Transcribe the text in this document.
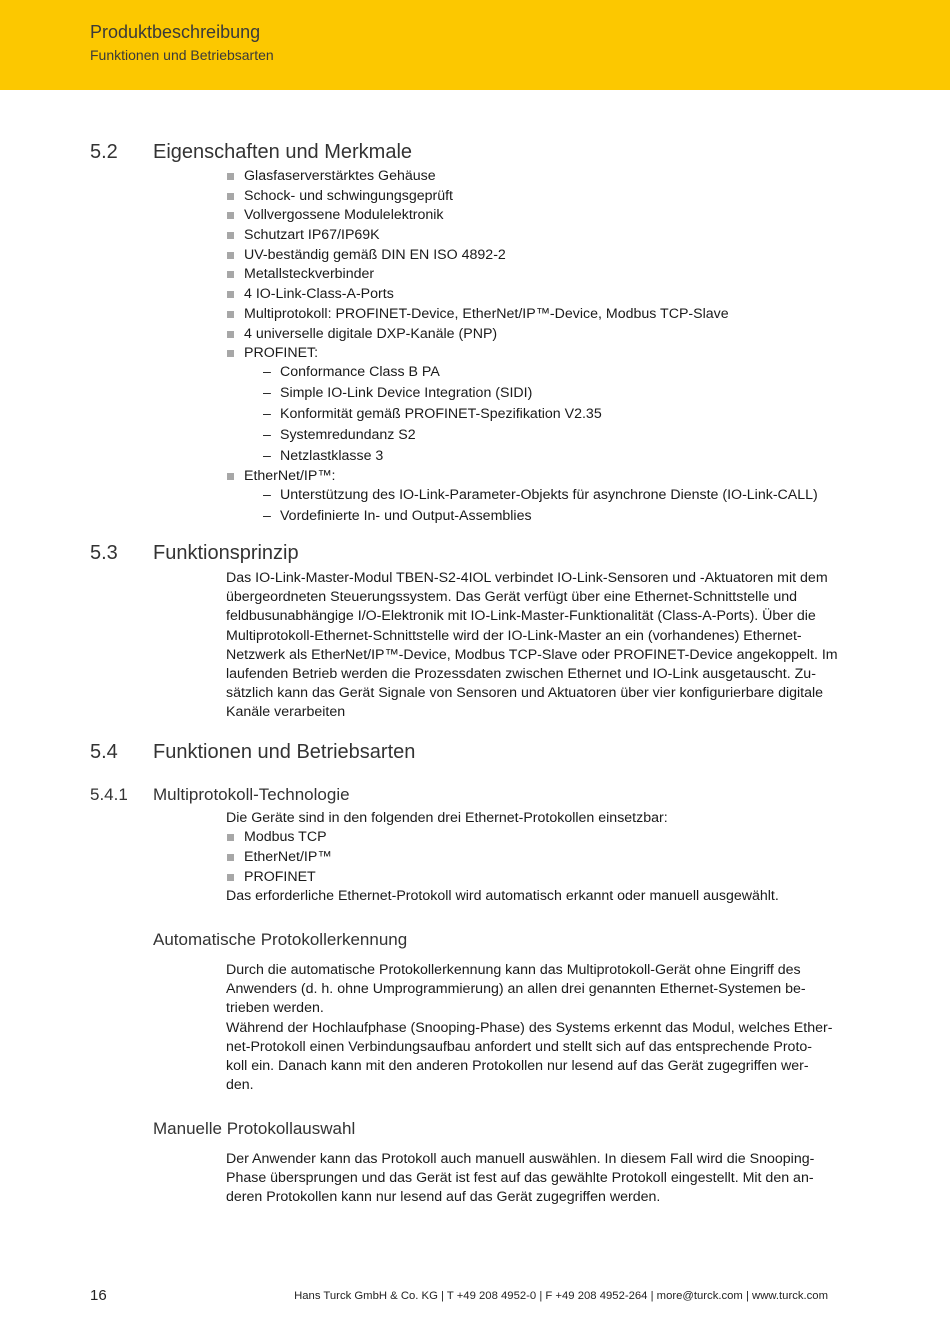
Produktbeschreibung
Funktionen und Betriebsarten
5.2 Eigenschaften und Merkmale
Glasfaserverstärktes Gehäuse
Schock- und schwingungsgeprüft
Vollvergossene Modulelektronik
Schutzart IP67/IP69K
UV-beständig gemäß DIN EN ISO 4892-2
Metallsteckverbinder
4 IO-Link-Class-A-Ports
Multiprotokoll: PROFINET-Device, EtherNet/IP™-Device, Modbus TCP-Slave
4 universelle digitale DXP-Kanäle (PNP)
PROFINET:
– Conformance Class B PA
– Simple IO-Link Device Integration (SIDI)
– Konformität gemäß PROFINET-Spezifikation V2.35
– Systemredundanz S2
– Netzlastklasse 3
EtherNet/IP™:
– Unterstützung des IO-Link-Parameter-Objekts für asynchrone Dienste (IO-Link-CALL)
– Vordefinierte In- und Output-Assemblies
5.3 Funktionsprinzip
Das IO-Link-Master-Modul TBEN-S2-4IOL verbindet IO-Link-Sensoren und -Aktuatoren mit dem
übergeordneten Steuerungssystem. Das Gerät verfügt über eine Ethernet-Schnittstelle und
feldbusunabhängige I/O-Elektronik mit IO-Link-Master-Funktionalität (Class-A-Ports). Über die
Multiprotokoll-Ethernet-Schnittstelle wird der IO-Link-Master an ein (vorhandenes) Ethernet-
Netzwerk als EtherNet/IP™-Device, Modbus TCP-Slave oder PROFINET-Device angekoppelt. Im
laufenden Betrieb werden die Prozessdaten zwischen Ethernet und IO-Link ausgetauscht. Zu-
sätzlich kann das Gerät Signale von Sensoren und Aktuatoren über vier konfigurierbare digitale
Kanäle verarbeiten
5.4 Funktionen und Betriebsarten
5.4.1 Multiprotokoll-Technologie
Die Geräte sind in den folgenden drei Ethernet-Protokollen einsetzbar:
Modbus TCP
EtherNet/IP™
PROFINET
Das erforderliche Ethernet-Protokoll wird automatisch erkannt oder manuell ausgewählt.
Automatische Protokollerkennung
Durch die automatische Protokollerkennung kann das Multiprotokoll-Gerät ohne Eingriff des
Anwenders (d. h. ohne Umprogrammierung) an allen drei genannten Ethernet-Systemen be-
trieben werden.
Während der Hochlaufphase (Snooping-Phase) des Systems erkennt das Modul, welches Ether-
net-Protokoll einen Verbindungsaufbau anfordert und stellt sich auf das entsprechende Proto-
koll ein. Danach kann mit den anderen Protokollen nur lesend auf das Gerät zugegriffen wer-
den.
Manuelle Protokollauswahl
Der Anwender kann das Protokoll auch manuell auswählen. In diesem Fall wird die Snooping-
Phase übersprungen und das Gerät ist fest auf das gewählte Protokoll eingestellt. Mit den an-
deren Protokollen kann nur lesend auf das Gerät zugegriffen werden.
16	Hans Turck GmbH & Co. KG | T +49 208 4952-0 | F +49 208 4952-264 | more@turck.com | www.turck.com
